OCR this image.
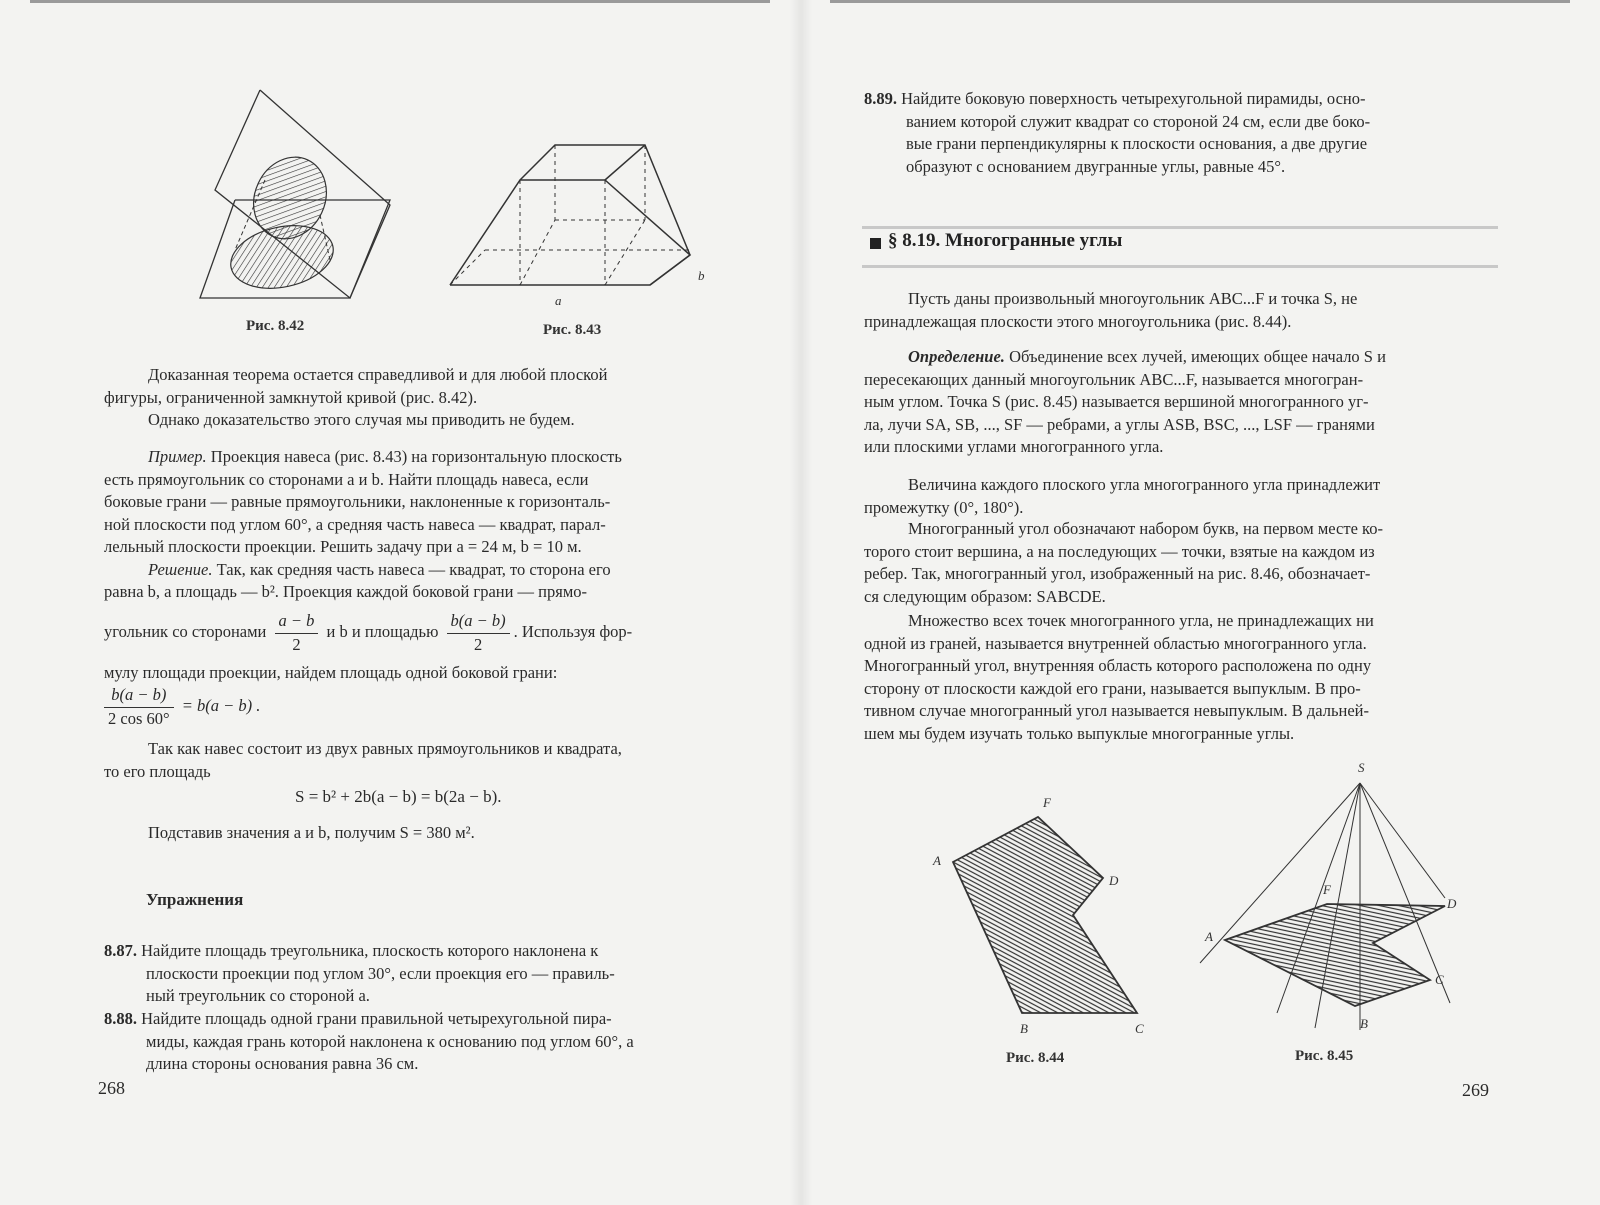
Рис. 8.42
a
b
Рис. 8.43
Доказанная теорема остается справедливой и для любой плоской
фигуры, ограниченной замкнутой кривой (рис. 8.42).
Однако доказательство этого случая мы приводить не будем.
Пример. Проекция навеса (рис. 8.43) на горизонтальную плоскость
есть прямоугольник со сторонами a и b. Найти площадь навеса, если
боковые грани — равные прямоугольники, наклоненные к горизонталь-
ной плоскости под углом 60°, а средняя часть навеса — квадрат, парал-
лельный плоскости проекции. Решить задачу при a = 24 м, b = 10 м.
Решение. Так, как средняя часть навеса — квадрат, то сторона его
равна b, а площадь — b². Проекция каждой боковой грани — прямо-
угольник со сторонами $\frac{a - b}{2}$ и b и площадью $\frac{b(a - b)}{2}$ . Используя фор-
мулу площади проекции, найдем площадь одной боковой грани:
$\frac{b(a - b)}{2 \cos 60^\circ} = b(a - b)$ .
Так как навес состоит из двух равных прямоугольников и квадрата,
то его площадь
S = b² + 2b(a − b) = b(2a − b).
Подставив значения a и b, получим S = 380 м².
Упражнения
8.87. Найдите площадь треугольника, плоскость которого наклонена к
плоскости проекции под углом 30°, если проекция его — правиль-
ный треугольник со стороной a.
8.88. Найдите площадь одной грани правильной четырехугольной пира-
миды, каждая грань которой наклонена к основанию под углом 60°, а
длина стороны основания равна 36 см.
268
8.89. Найдите боковую поверхность четырехугольной пирамиды, осно-
ванием которой служит квадрат со стороной 24 см, если две боко-
вые грани перпендикулярны к плоскости основания, а две другие
образуют с основанием двугранные углы, равные 45°.
§ 8.19. Многогранные углы
Пусть даны произвольный многоугольник ABC...F и точка S, не
принадлежащая плоскости этого многоугольника (рис. 8.44).
Определение. Объединение всех лучей, имеющих общее начало S и
пересекающих данный многоугольник ABC...F, называется многогран-
ным углом. Точка S (рис. 8.45) называется вершиной многогранного уг-
ла, лучи SA, SB, ..., SF — ребрами, а углы ASB, BSC, ..., LSF — гранями
или плоскими углами многогранного угла.
Величина каждого плоского угла многогранного угла принадлежит
промежутку (0°, 180°).
Многогранный угол обозначают набором букв, на первом месте ко-
торого стоит вершина, а на последующих — точки, взятые на каждом из
ребер. Так, многогранный угол, изображенный на рис. 8.46, обозначает-
ся следующим образом: SABCDE.
Множество всех точек многогранного угла, не принадлежащих ни
одной из граней, называется внутренней областью многогранного угла.
Многогранный угол, внутренняя область которого расположена по одну
сторону от плоскости каждой его грани, называется выпуклым. В про-
тивном случае многогранный угол называется невыпуклым. В дальней-
шем мы будем изучать только выпуклые многогранные углы.
A
F
D
B	C
Рис. 8.44
S
A
F
D
C
B
Рис. 8.45
269
